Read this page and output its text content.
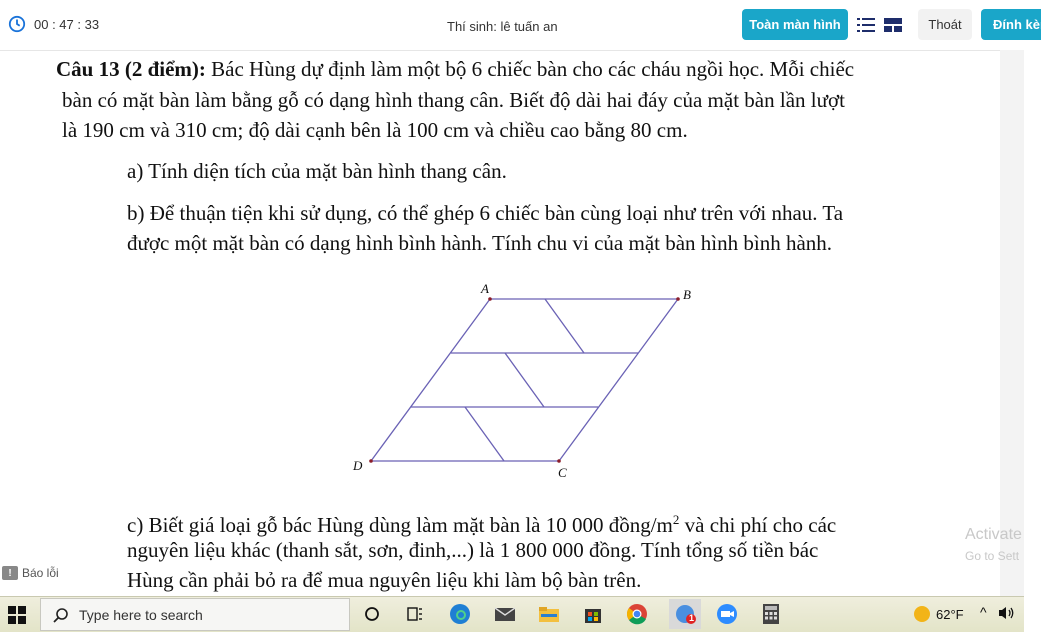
00 : 47 : 33	Thí sinh: lê tuấn an	Toàn màn hình	Thoát	Đính kèm
Câu 13 (2 điểm): Bác Hùng dự định làm một bộ 6 chiếc bàn cho các cháu ngồi học. Mỗi chiếc
bàn có mặt bàn làm bằng gỗ có dạng hình thang cân. Biết độ dài hai đáy của mặt bàn lần lượt
là 190 cm và 310 cm; độ dài cạnh bên là 100 cm và chiều cao bằng 80 cm.
a) Tính diện tích của mặt bàn hình thang cân.
b) Để thuận tiện khi sử dụng, có thể ghép 6 chiếc bàn cùng loại như trên với nhau. Ta
được một mặt bàn có dạng hình bình hành. Tính chu vi của mặt bàn hình bình hành.
c) Biết giá loại gỗ bác Hùng dùng làm mặt bàn là 10 000 đồng/$m^2$ và chi phí cho các
nguyên liệu khác (thanh sắt, sơn, đinh,...) là 1 800 000 đồng. Tính tổng số tiền bác
Hùng cần phải bỏ ra để mua nguyên liệu khi làm bộ bàn trên.
A	B
C
D
Activate
Go to Sett
! Báo lỗi
Type here to search	1	62°F ^
